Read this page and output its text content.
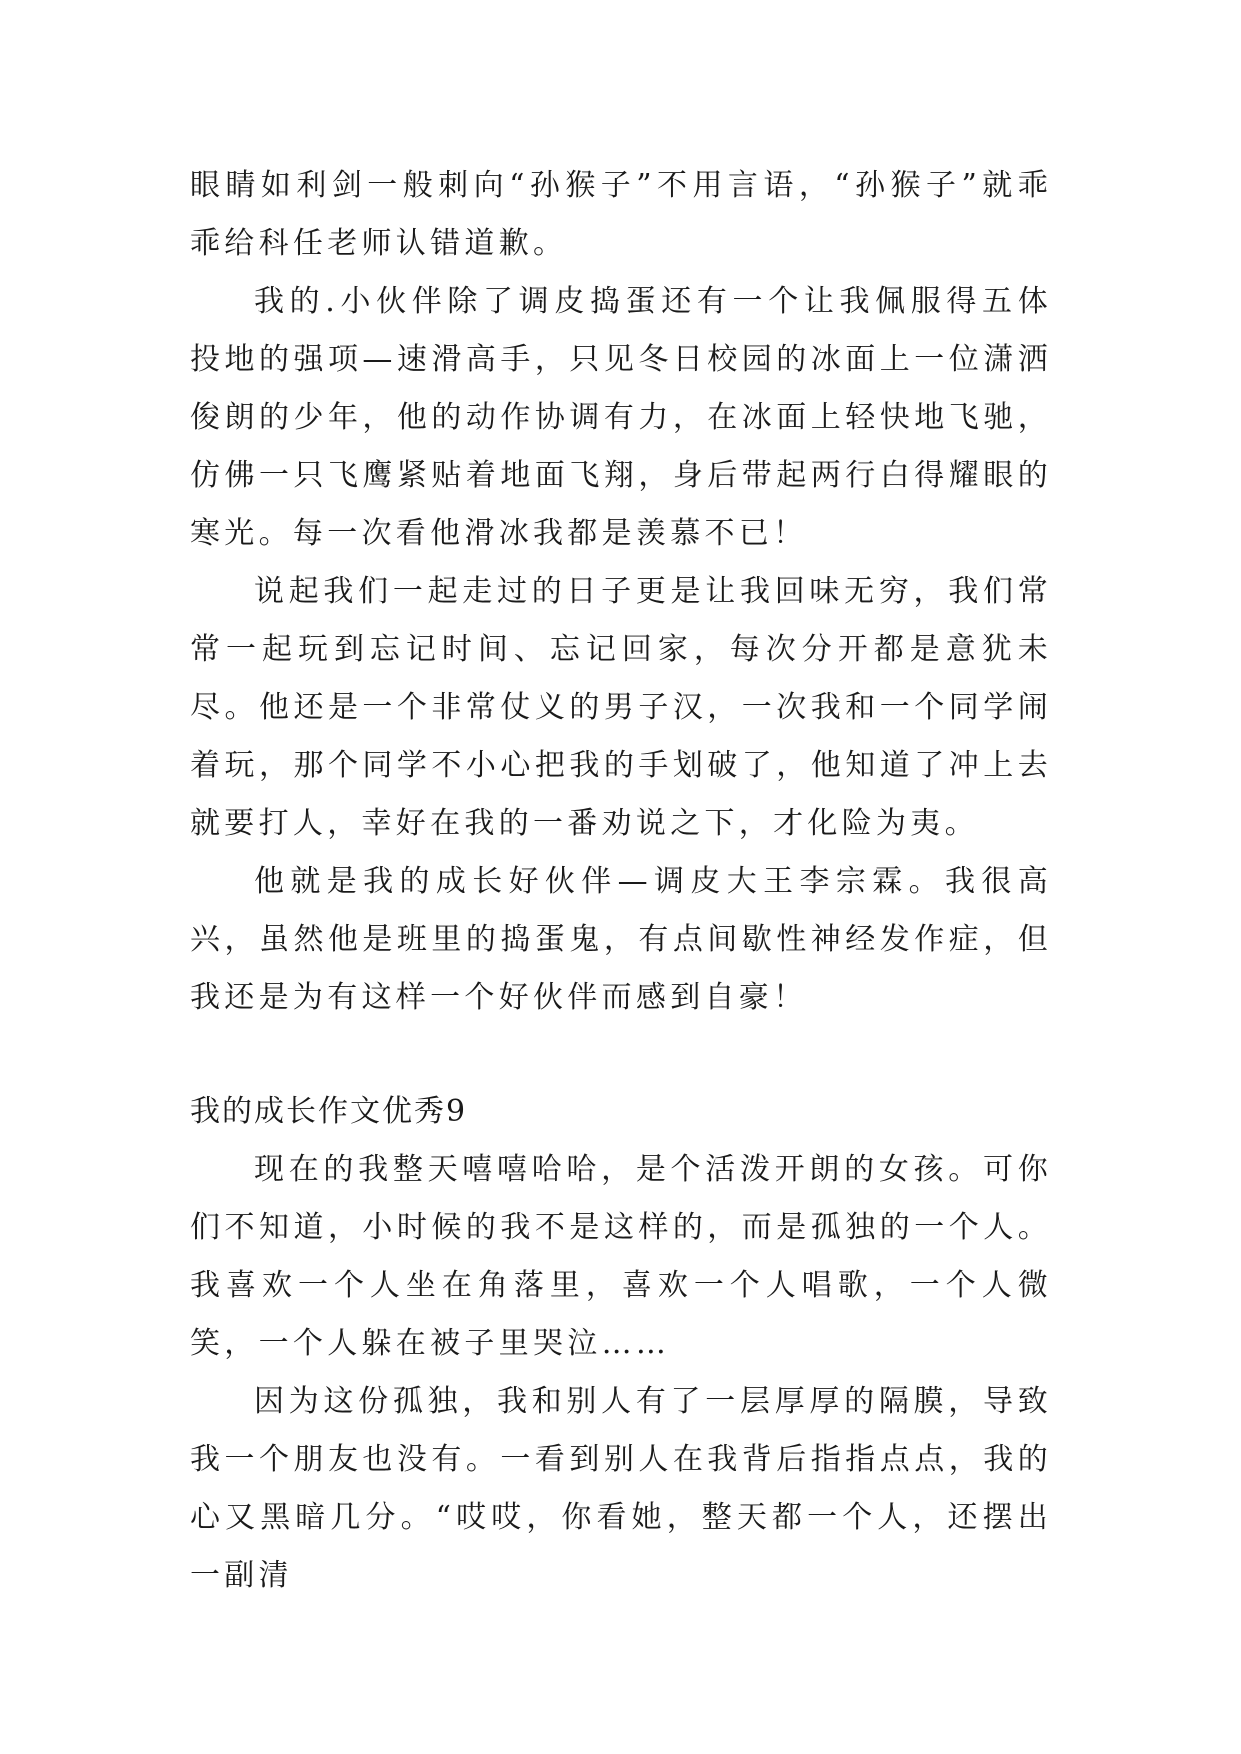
眼睛如利剑一般刺向“孙猴子”不用言语，“孙猴子”就乖乖给科任老师认错道歉。

我的.小伙伴除了调皮捣蛋还有一个让我佩服得五体投地的强项—速滑高手，只见冬日校园的冰面上一位潇洒俊朗的少年，他的动作协调有力，在冰面上轻快地飞驰，仿佛一只飞鹰紧贴着地面飞翔，身后带起两行白得耀眼的寒光。每一次看他滑冰我都是羡慕不已！

说起我们一起走过的日子更是让我回味无穷，我们常常一起玩到忘记时间、忘记回家，每次分开都是意犹未尽。他还是一个非常仗义的男子汉，一次我和一个同学闹着玩，那个同学不小心把我的手划破了，他知道了冲上去就要打人，幸好在我的一番劝说之下，才化险为夷。

他就是我的成长好伙伴—调皮大王李宗霖。我很高兴，虽然他是班里的捣蛋鬼，有点间歇性神经发作症，但我还是为有这样一个好伙伴而感到自豪！

我的成长作文优秀9

现在的我整天嘻嘻哈哈，是个活泼开朗的女孩。可你们不知道，小时候的我不是这样的，而是孤独的一个人。我喜欢一个人坐在角落里，喜欢一个人唱歌，一个人微笑，一个人躲在被子里哭泣……

因为这份孤独，我和别人有了一层厚厚的隔膜，导致我一个朋友也没有。一看到别人在我背后指指点点，我的心又黑暗几分。“哎哎，你看她，整天都一个人，还摆出一副清
